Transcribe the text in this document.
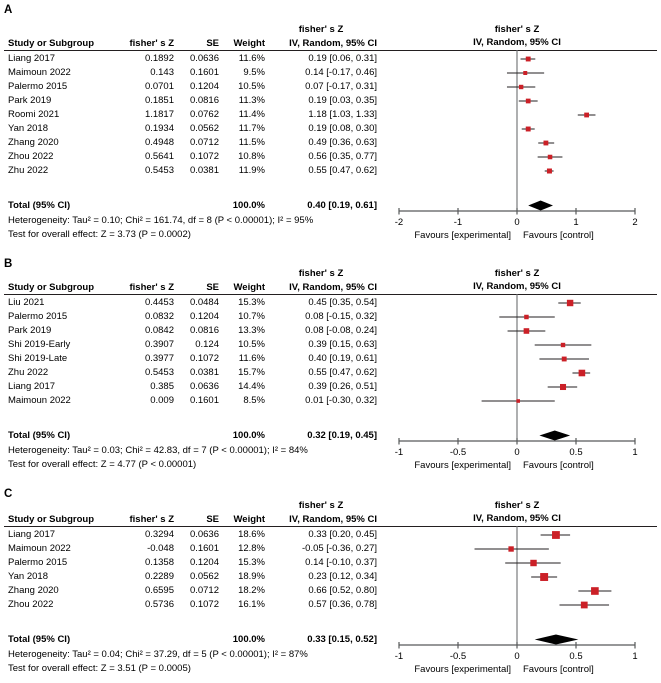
A
fisher' s Z	fisher' s Z
Study or Subgroup	fisher' s Z	SE	Weight	IV, Random, 95% CI	IV, Random, 95% CI
Liang 2017	0.1892	0.0636	11.6%	0.19 [0.06, 0.31]
Maimoun 2022	0.143	0.1601	9.5%	0.14 [-0.17, 0.46]
Palermo 2015	0.0701	0.1204	10.5%	0.07 [-0.17, 0.31]
Park 2019	0.1851	0.0816	11.3%	0.19 [0.03, 0.35]
Roomi 2021	1.1817	0.0762	11.4%	1.18 [1.03, 1.33]
Yan 2018	0.1934	0.0562	11.7%	0.19 [0.08, 0.30]
Zhang 2020	0.4948	0.0712	11.5%	0.49 [0.36, 0.63]
Zhou 2022	0.5641	0.1072	10.8%	0.56 [0.35, 0.77]
Zhu 2022	0.5453	0.0381	11.9%	0.55 [0.47, 0.62]
Total (95% CI)	100.0%	0.40 [0.19, 0.61]
Heterogeneity: Tau² = 0.10; Chi² = 161.74, df = 8 (P < 0.00001); I² = 95%
Test for overall effect: Z = 3.73 (P = 0.0002)
-2	-1	0	1	2
Favours [experimental] Favours [control]
B
fisher' s Z	fisher' s Z
Study or Subgroup	fisher' s Z	SE	Weight	IV, Random, 95% CI	IV, Random, 95% CI
Liu 2021	0.4453	0.0484	15.3%	0.45 [0.35, 0.54]
Palermo 2015	0.0832	0.1204	10.7%	0.08 [-0.15, 0.32]
Park 2019	0.0842	0.0816	13.3%	0.08 [-0.08, 0.24]
Shi 2019-Early	0.3907	0.124	10.5%	0.39 [0.15, 0.63]
Shi 2019-Late	0.3977	0.1072	11.6%	0.40 [0.19, 0.61]
Zhu 2022	0.5453	0.0381	15.7%	0.55 [0.47, 0.62]
Liang 2017	0.385	0.0636	14.4%	0.39 [0.26, 0.51]
Maimoun 2022	0.009	0.1601	8.5%	0.01 [-0.30, 0.32]
Total (95% CI)	100.0%	0.32 [0.19, 0.45]
Heterogeneity: Tau² = 0.03; Chi² = 42.83, df = 7 (P < 0.00001); I² = 84%
Test for overall effect: Z = 4.77 (P < 0.00001)
-1	-0.5	0	0.5	1
Favours [experimental] Favours [control]
C
fisher' s Z	fisher' s Z
Study or Subgroup	fisher' s Z	SE	Weight	IV, Random, 95% CI	IV, Random, 95% CI
Liang 2017	0.3294	0.0636	18.6%	0.33 [0.20, 0.45]
Maimoun 2022	-0.048	0.1601	12.8%	-0.05 [-0.36, 0.27]
Palermo 2015	0.1358	0.1204	15.3%	0.14 [-0.10, 0.37]
Yan 2018	0.2289	0.0562	18.9%	0.23 [0.12, 0.34]
Zhang 2020	0.6595	0.0712	18.2%	0.66 [0.52, 0.80]
Zhou 2022	0.5736	0.1072	16.1%	0.57 [0.36, 0.78]
Total (95% CI)	100.0%	0.33 [0.15, 0.52]
Heterogeneity: Tau² = 0.04; Chi² = 37.29, df = 5 (P < 0.00001); I² = 87%
Test for overall effect: Z = 3.51 (P = 0.0005)
-1	-0.5	0	0.5	1
Favours [experimental] Favours [control]
